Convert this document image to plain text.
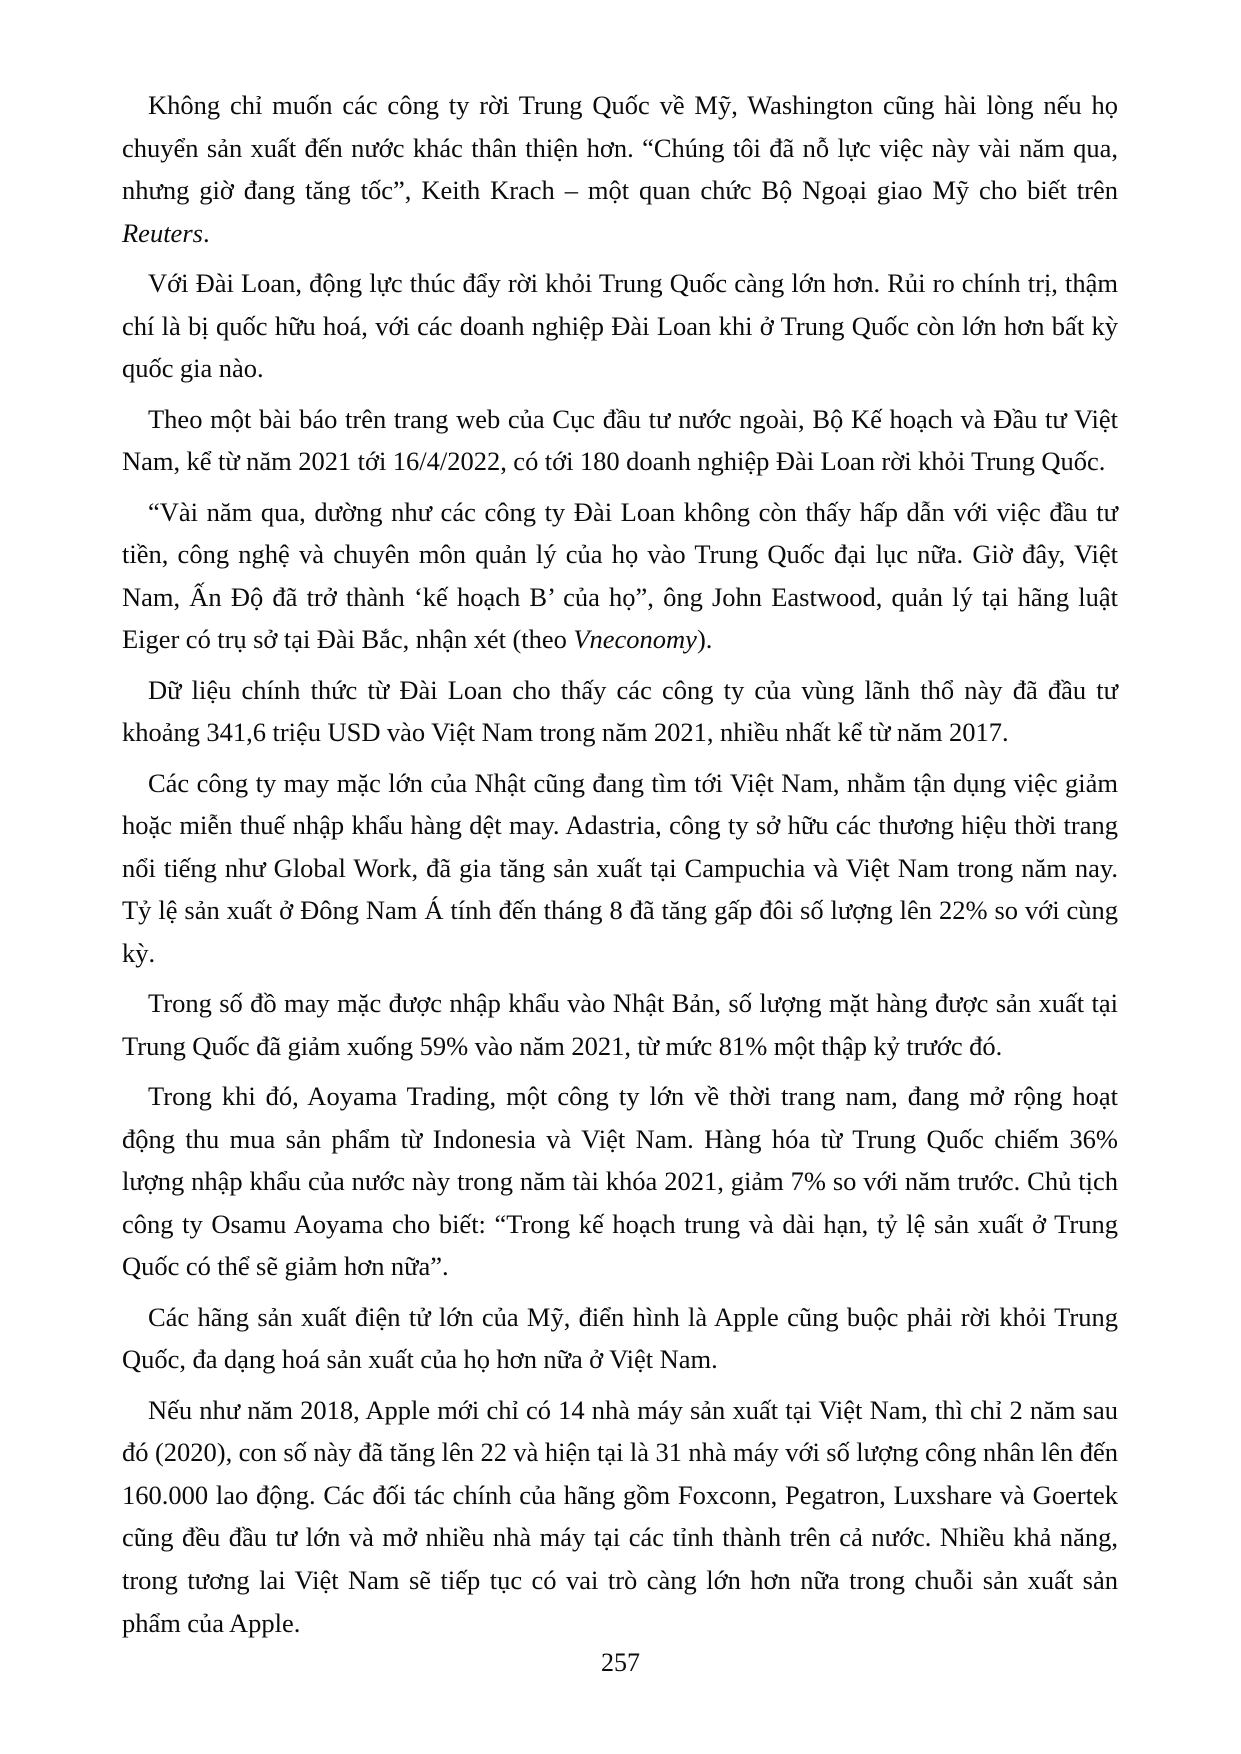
Không chỉ muốn các công ty rời Trung Quốc về Mỹ, Washington cũng hài lòng nếu họ chuyển sản xuất đến nước khác thân thiện hơn. “Chúng tôi đã nỗ lực việc này vài năm qua, nhưng giờ đang tăng tốc”, Keith Krach – một quan chức Bộ Ngoại giao Mỹ cho biết trên Reuters.

Với Đài Loan, động lực thúc đẩy rời khỏi Trung Quốc càng lớn hơn. Rủi ro chính trị, thậm chí là bị quốc hữu hoá, với các doanh nghiệp Đài Loan khi ở Trung Quốc còn lớn hơn bất kỳ quốc gia nào.

Theo một bài báo trên trang web của Cục đầu tư nước ngoài, Bộ Kế hoạch và Đầu tư Việt Nam, kể từ năm 2021 tới 16/4/2022, có tới 180 doanh nghiệp Đài Loan rời khỏi Trung Quốc.

“Vài năm qua, dường như các công ty Đài Loan không còn thấy hấp dẫn với việc đầu tư tiền, công nghệ và chuyên môn quản lý của họ vào Trung Quốc đại lục nữa. Giờ đây, Việt Nam, Ấn Độ đã trở thành ‘kế hoạch B’ của họ”, ông John Eastwood, quản lý tại hãng luật Eiger có trụ sở tại Đài Bắc, nhận xét (theo Vneconomy).

Dữ liệu chính thức từ Đài Loan cho thấy các công ty của vùng lãnh thổ này đã đầu tư khoảng 341,6 triệu USD vào Việt Nam trong năm 2021, nhiều nhất kể từ năm 2017.

Các công ty may mặc lớn của Nhật cũng đang tìm tới Việt Nam, nhằm tận dụng việc giảm hoặc miễn thuế nhập khẩu hàng dệt may. Adastria, công ty sở hữu các thương hiệu thời trang nổi tiếng như Global Work, đã gia tăng sản xuất tại Campuchia và Việt Nam trong năm nay. Tỷ lệ sản xuất ở Đông Nam Á tính đến tháng 8 đã tăng gấp đôi số lượng lên 22% so với cùng kỳ.

Trong số đồ may mặc được nhập khẩu vào Nhật Bản, số lượng mặt hàng được sản xuất tại Trung Quốc đã giảm xuống 59% vào năm 2021, từ mức 81% một thập kỷ trước đó.

Trong khi đó, Aoyama Trading, một công ty lớn về thời trang nam, đang mở rộng hoạt động thu mua sản phẩm từ Indonesia và Việt Nam. Hàng hóa từ Trung Quốc chiếm 36% lượng nhập khẩu của nước này trong năm tài khóa 2021, giảm 7% so với năm trước. Chủ tịch công ty Osamu Aoyama cho biết: “Trong kế hoạch trung và dài hạn, tỷ lệ sản xuất ở Trung Quốc có thể sẽ giảm hơn nữa”.

Các hãng sản xuất điện tử lớn của Mỹ, điển hình là Apple cũng buộc phải rời khỏi Trung Quốc, đa dạng hoá sản xuất của họ hơn nữa ở Việt Nam.

Nếu như năm 2018, Apple mới chỉ có 14 nhà máy sản xuất tại Việt Nam, thì chỉ 2 năm sau đó (2020), con số này đã tăng lên 22 và hiện tại là 31 nhà máy với số lượng công nhân lên đến 160.000 lao động. Các đối tác chính của hãng gồm Foxconn, Pegatron, Luxshare và Goertek cũng đều đầu tư lớn và mở nhiều nhà máy tại các tỉnh thành trên cả nước. Nhiều khả năng, trong tương lai Việt Nam sẽ tiếp tục có vai trò càng lớn hơn nữa trong chuỗi sản xuất sản phẩm của Apple.

257
